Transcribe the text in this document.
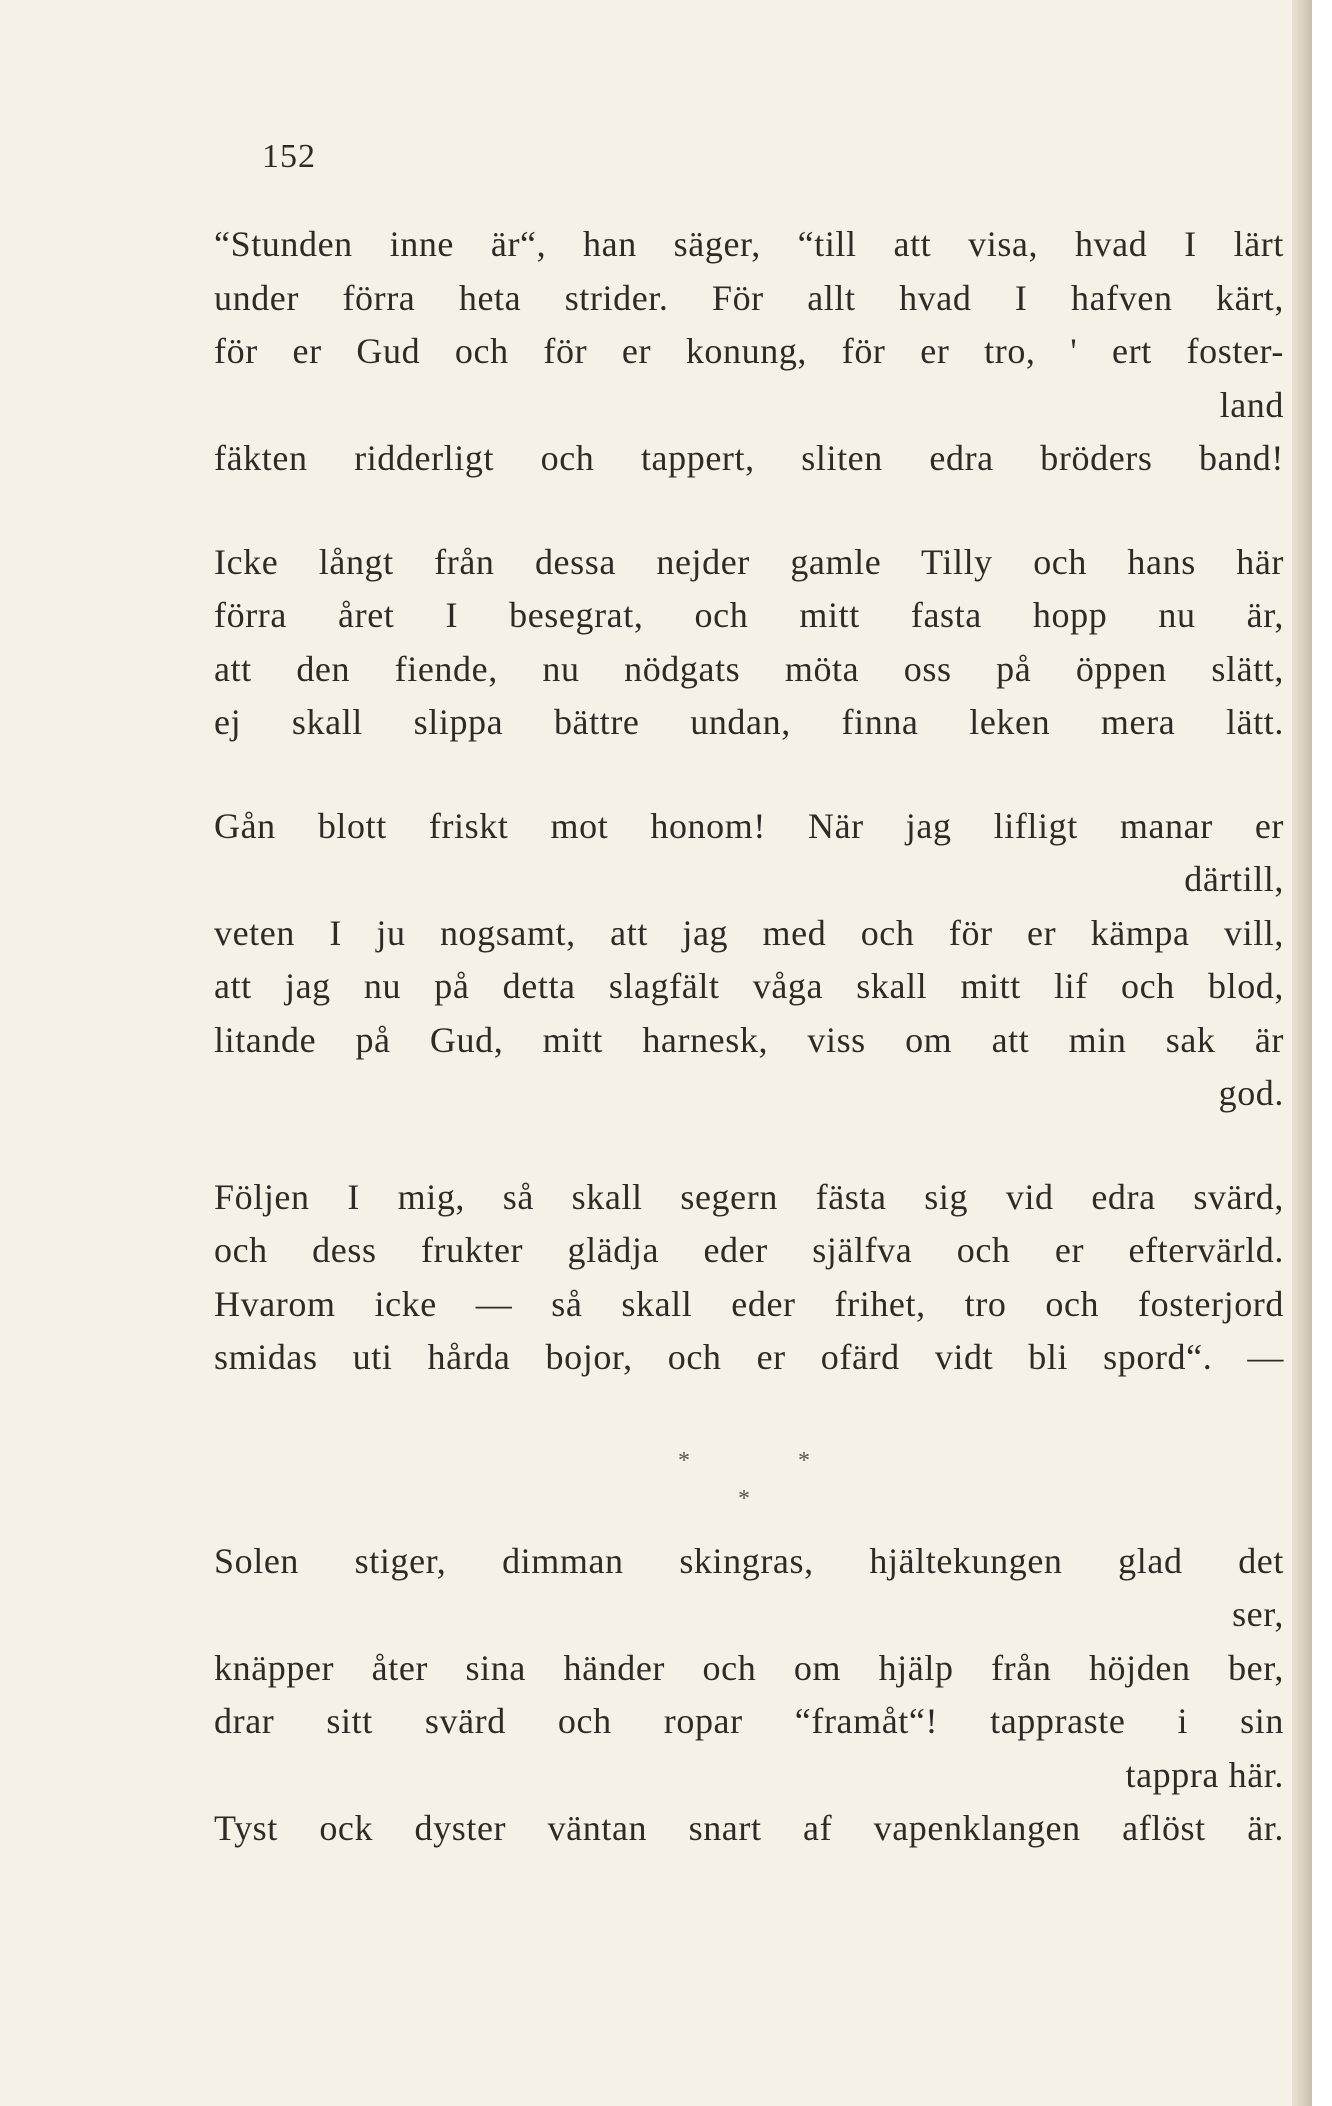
152
“Stunden inne är“, han säger, “till att visa, hvad I lärt
under förra heta strider. För allt hvad I hafven kärt,
för er Gud och för er konung, för er tro, ' ert foster-
land
fäkten ridderligt och tappert, sliten edra bröders band!
Icke långt från dessa nejder gamle Tilly och hans här
förra året I besegrat, och mitt fasta hopp nu är,
att den fiende, nu nödgats möta oss på öppen slätt,
ej skall slippa bättre undan, finna leken mera lätt.
Gån blott friskt mot honom! När jag lifligt manar er
därtill,
veten I ju nogsamt, att jag med och för er kämpa vill,
att jag nu på detta slagfält våga skall mitt lif och blod,
litande på Gud, mitt harnesk, viss om att min sak är
god.
Följen I mig, så skall segern fästa sig vid edra svärd,
och dess frukter glädja eder själfva och er eftervärld.
Hvarom icke — så skall eder frihet, tro och fosterjord
smidas uti hårda bojor, och er ofärd vidt bli spord“. —
*	*
*
Solen stiger, dimman skingras, hjältekungen glad det
ser,
knäpper åter sina händer och om hjälp från höjden ber,
drar sitt svärd och ropar “framåt“! tappraste i sin
tappra här.
Tyst ock dyster väntan snart af vapenklangen aflöst är.
